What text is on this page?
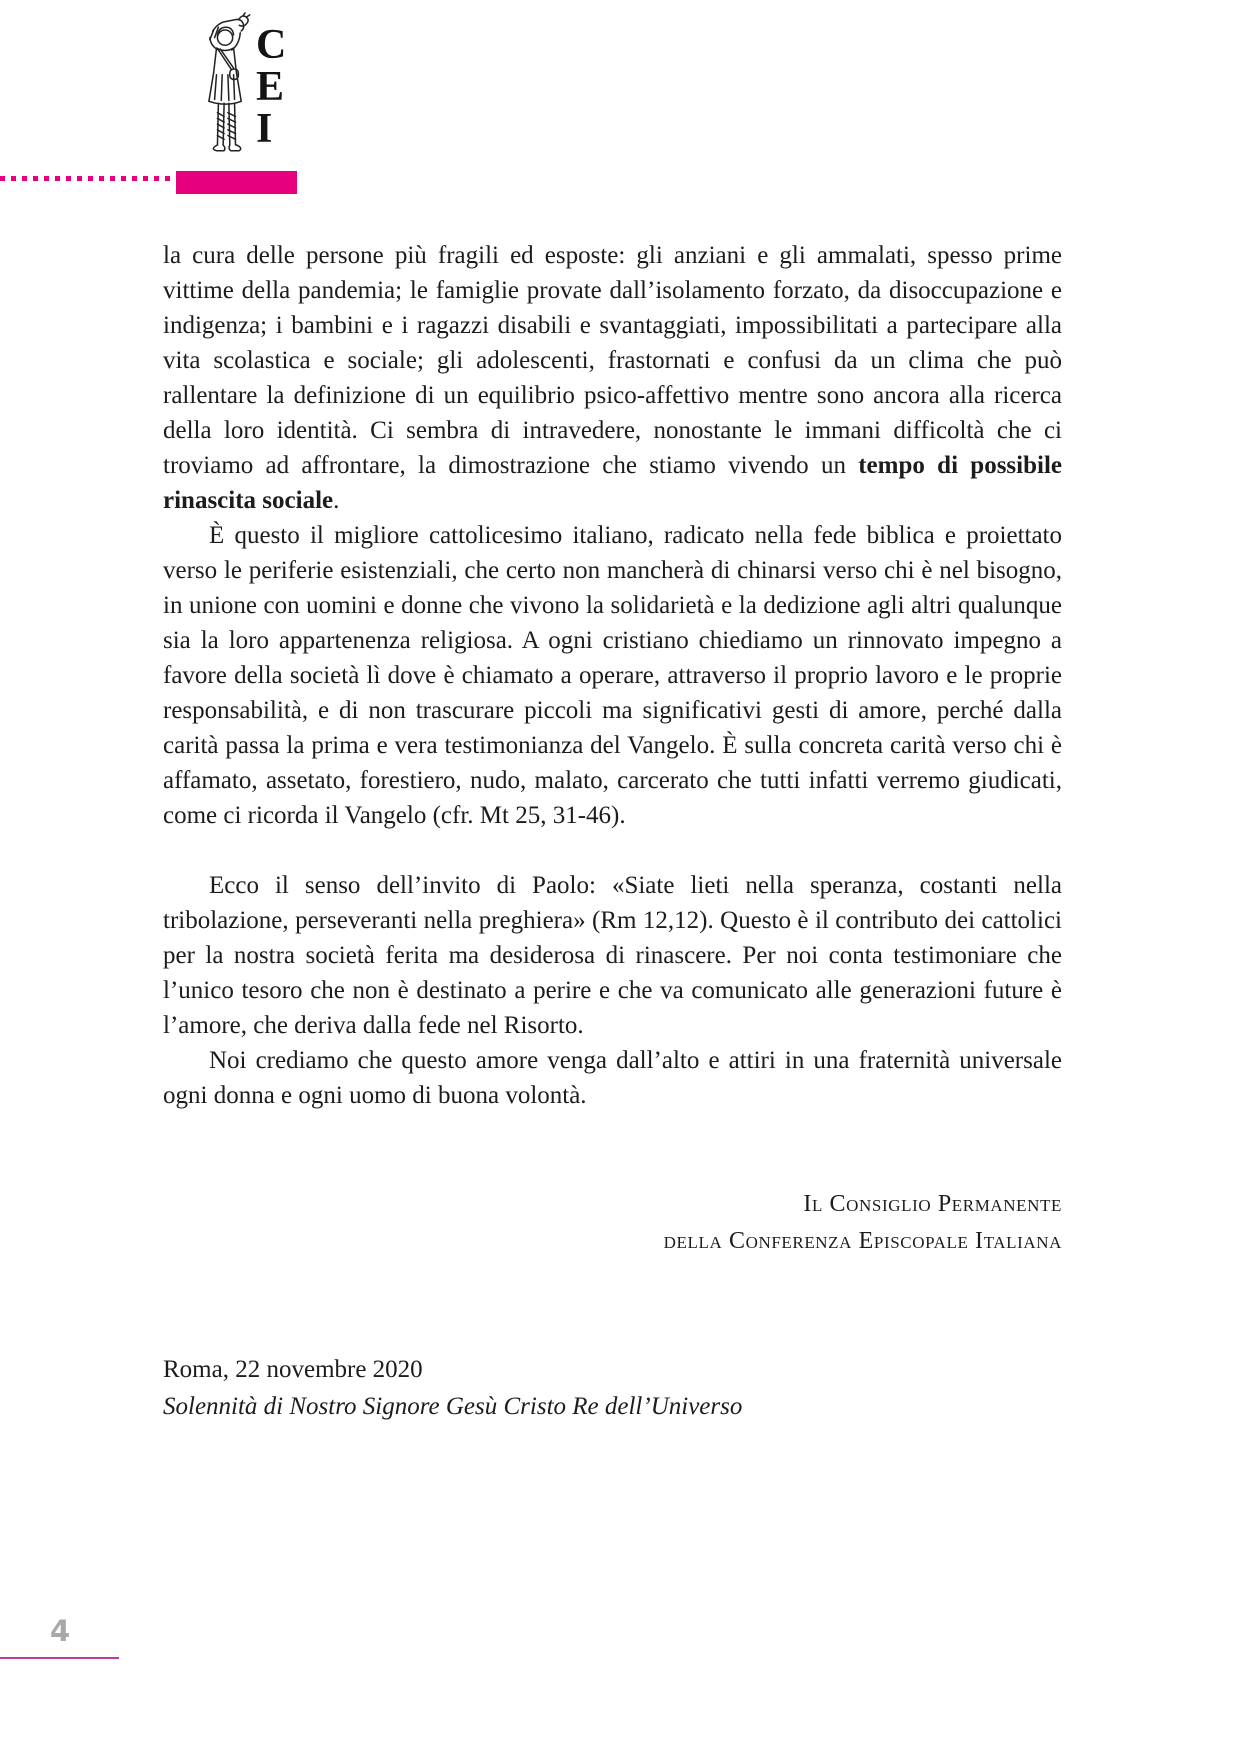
C
E
I

la cura delle persone più fragili ed esposte: gli anziani e gli ammalati, spesso prime vittime della pandemia; le famiglie provate dall’isolamento forzato, da disoccupazione e indigenza; i bambini e i ragazzi disabili e svantaggiati, impossibilitati a partecipare alla vita scolastica e sociale; gli adolescenti, frastornati e confusi da un clima che può rallentare la definizione di un equilibrio psico-affettivo mentre sono ancora alla ricerca della loro identità. Ci sembra di intravedere, nonostante le immani difficoltà che ci troviamo ad affrontare, la dimostrazione che stiamo vivendo un tempo di possibile rinascita sociale.

È questo il migliore cattolicesimo italiano, radicato nella fede biblica e proiettato verso le periferie esistenziali, che certo non mancherà di chinarsi verso chi è nel bisogno, in unione con uomini e donne che vivono la solidarietà e la dedizione agli altri qualunque sia la loro appartenenza religiosa. A ogni cristiano chiediamo un rinnovato impegno a favore della società lì dove è chiamato a operare, attraverso il proprio lavoro e le proprie responsabilità, e di non trascurare piccoli ma significativi gesti di amore, perché dalla carità passa la prima e vera testimonianza del Vangelo. È sulla concreta carità verso chi è affamato, assetato, forestiero, nudo, malato, carcerato che tutti infatti verremo giudicati, come ci ricorda il Vangelo (cfr. Mt 25, 31-46).

Ecco il senso dell’invito di Paolo: «Siate lieti nella speranza, costanti nella tribolazione, perseveranti nella preghiera» (Rm 12,12). Questo è il contributo dei cattolici per la nostra società ferita ma desiderosa di rinascere. Per noi conta testimoniare che l’unico tesoro che non è destinato a perire e che va comunicato alle generazioni future è l’amore, che deriva dalla fede nel Risorto.

Noi crediamo che questo amore venga dall’alto e attiri in una fraternità universale ogni donna e ogni uomo di buona volontà.

Il Consiglio Permanente
della Conferenza Episcopale Italiana
Roma, 22 novembre 2020
Solennità di Nostro Signore Gesù Cristo Re dell’Universo
4
